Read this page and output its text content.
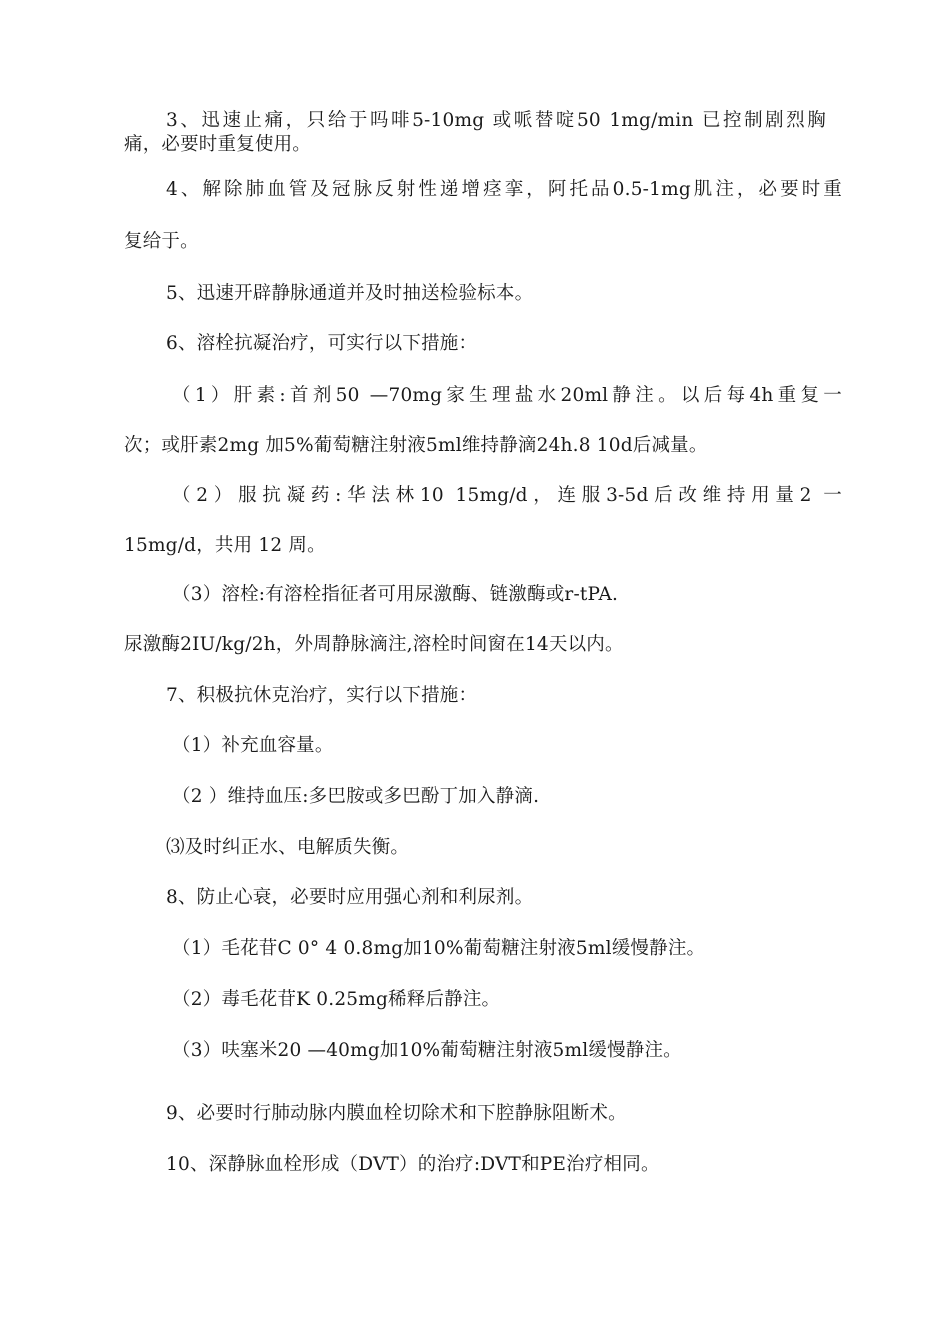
3、迅速止痛，只给于吗啡5-10mg 或哌替啶50 1mg/min 已控制剧烈胸
痛，必要时重复使用。
4、解除肺血管及冠脉反射性递增痉挛，阿托品0.5-1mg肌注，必要时重
复给于。
5、迅速开辟静脉通道并及时抽送检验标本。
6、溶栓抗凝治疗，可实行以下措施：
（1）肝素:首剂50 —70mg家生理盐水20ml静注。以后每4h重复一
次；或肝素2mg 加5%葡萄糖注射液5ml维持静滴24h.8 10d后减量。
（2）服抗凝药:华法林10 15mg/d，连服3-5d后改维持用量2 一
15mg/d，共用 12 周。
（3）溶栓:有溶栓指征者可用尿激酶、链激酶或r-tPA.
尿激酶2IU/kg/2h，外周静脉滴注,溶栓时间窗在14天以内。
7、积极抗休克治疗，实行以下措施：
（1）补充血容量。
（2 ）维持血压:多巴胺或多巴酚丁加入静滴.
⑶及时纠正水、电解质失衡。
8、防止心衰，必要时应用强心剂和利尿剂。
（1）毛花苷C 0° 4 0.8mg加10%葡萄糖注射液5ml缓慢静注。
（2）毒毛花苷K 0.25mg稀释后静注。
（3）呋塞米20 —40mg加10%葡萄糖注射液5ml缓慢静注。
9、必要时行肺动脉内膜血栓切除术和下腔静脉阻断术。
10、深静脉血栓形成（DVT）的治疗:DVT和PE治疗相同。
